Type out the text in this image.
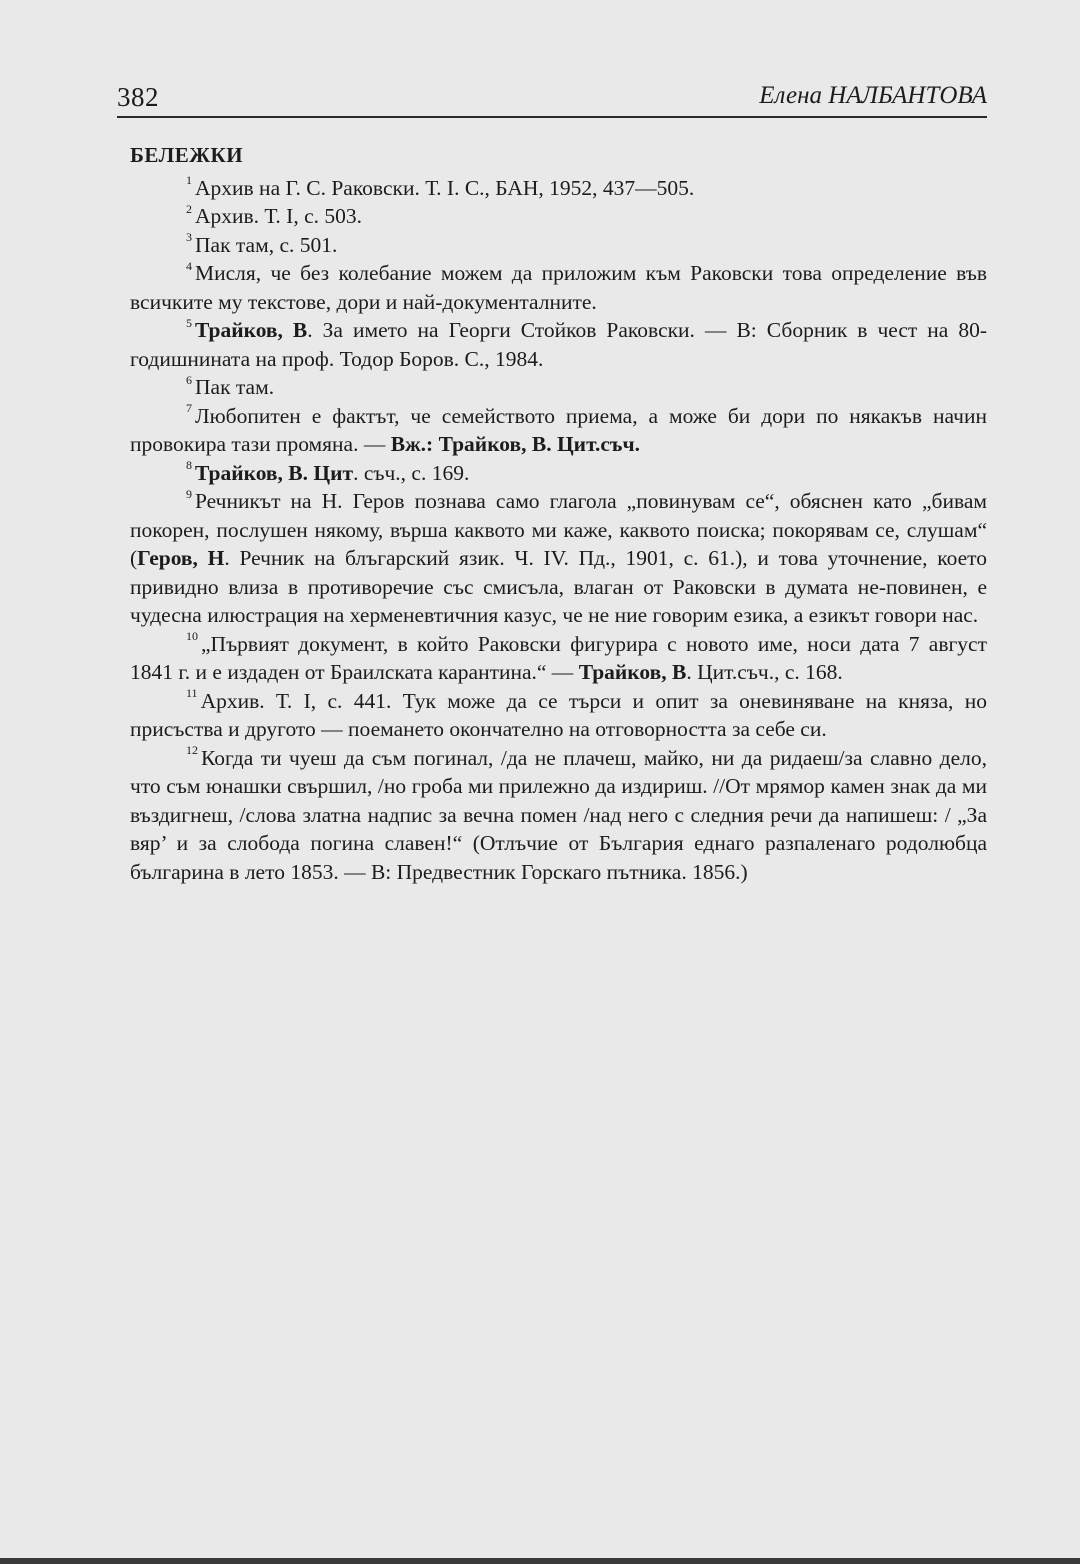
382	Елена НАЛБАНТОВА
БЕЛЕЖКИ

$^1$ Архив на Г. С. Раковски. Т. I. С., БАН, 1952, 437—505.

$^2$ Архив. Т. I, с. 503.

$^3$ Пак там, с. 501.

$^4$ Мисля, че без колебание можем да приложим към Раковски това определение във всичките му текстове, дори и най-документалните.

$^5$ Трайков, В. За името на Георги Стойков Раковски. — В: Сборник в чест на 80-годишнината на проф. Тодор Боров. С., 1984.

$^6$ Пак там.

$^7$ Любопитен е фактът, че семейството приема, а може би дори по някакъв начин провокира тази промяна. — Вж.: Трайков, В. Цит.съч.

$^8$ Трайков, В. Цит. съч., с. 169.

$^9$ Речникът на Н. Геров познава само глагола „повинувам се“, обяснен като „бивам покорен, послушен някому, върша каквото ми каже, каквото поиска; покорявам се, слушам“ (Геров, Н. Речник на блъгарский язик. Ч. IV. Пд., 1901, с. 61.), и това уточнение, което привидно влиза в противоречие със смисъла, влаган от Раковски в думата не-повинен, е чудесна илюстрация на херменевтичния казус, че не ние говорим езика, а езикът говори нас.

$^{10}$ „Първият документ, в който Раковски фигурира с новото име, носи дата 7 август 1841 г. и е издаден от Браилската карантина.“ — Трайков, В. Цит.съч., с. 168.

$^{11}$ Архив. Т. I, с. 441. Тук може да се търси и опит за оневиняване на княза, но присъства и другото — поемането окончателно на отговорността за себе си.

$^{12}$ Когда ти чуеш да съм погинал, /да не плачеш, майко, ни да ридаеш/за славно дело, что съм юнашки свършил, /но гроба ми прилежно да издириш. //От мрямор камен знак да ми въздигнеш, /слова златна надпис за вечна помен /над него с следния речи да напишеш: / „За вяр’ и за слобода погина славен!“ (Отлъчие от България еднаго разпаленаго родолюбца българина в лето 1853. — В: Предвестник Горскаго пътника. 1856.)
